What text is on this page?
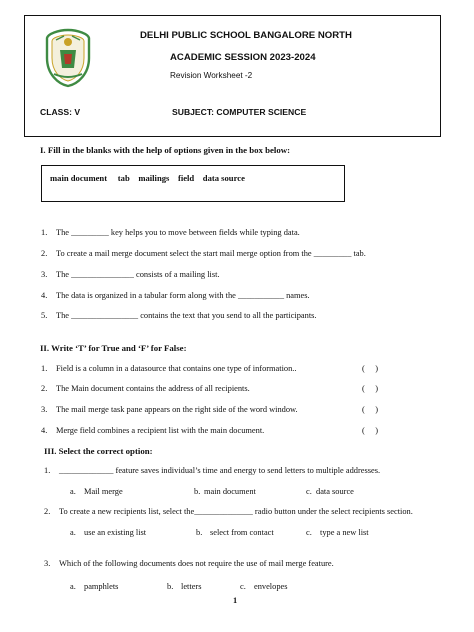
DELHI PUBLIC SCHOOL BANGALORE NORTH
ACADEMIC SESSION 2023-2024
Revision Worksheet -2
CLASS: V	SUBJECT: COMPUTER SCIENCE
I. Fill in the blanks with the help of options given in the box below:
main document     tab    mailings    field    data source
1. The _________ key helps you to move between fields while typing data.
2. To create a mail merge document select the start mail merge option from the _________ tab.
3. The _______________ consists of a mailing list.
4. The data is organized in a tabular form along with the ___________ names.
5. The ________________ contains the text that you send to all the participants.
II. Write ‘T’ for True and ‘F’ for False:
1. Field is a column in a datasource that contains one type of information..	(     )
2. The Main document contains the address of all recipients.	(     )
3. The mail merge task pane appears on the right side of the word window.	(     )
4. Merge field combines a recipient list with the main document.	(     )
III. Select the correct option:
1. _____________ feature saves individual’s time and energy to send letters to multiple addresses.
a. Mail merge	b. main document	c. data source
2. To create a new recipients list, select the______________ radio button under the select recipients section.
a. use an existing list	b. select from contact	c. type a new list
3. Which of the following documents does not require the use of mail merge feature.
a. pamphlets	b. letters	c. envelopes
1
